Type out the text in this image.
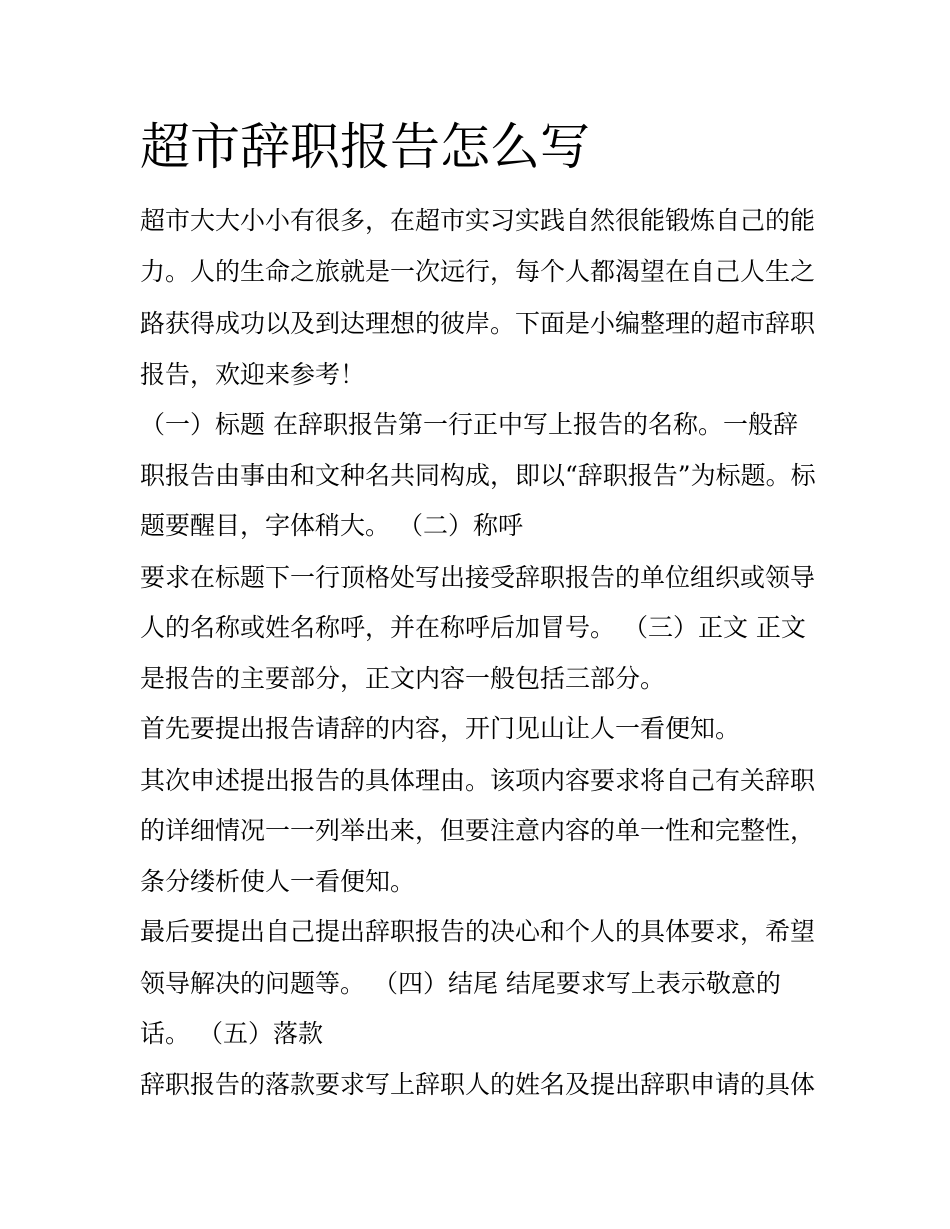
超市辞职报告怎么写

超市大大小小有很多，在超市实习实践自然很能锻炼自己的能

力。人的生命之旅就是一次远行，每个人都渴望在自己人生之

路获得成功以及到达理想的彼岸。下面是小编整理的超市辞职

报告，欢迎来参考！

（一）标题 在辞职报告第一行正中写上报告的名称。一般辞

职报告由事由和文种名共同构成，即以“辞职报告”为标题。标

题要醒目，字体稍大。 （二）称呼

要求在标题下一行顶格处写出接受辞职报告的单位组织或领导

人的名称或姓名称呼，并在称呼后加冒号。 （三）正文 正文

是报告的主要部分，正文内容一般包括三部分。

首先要提出报告请辞的内容，开门见山让人一看便知。

其次申述提出报告的具体理由。该项内容要求将自己有关辞职

的详细情况一一列举出来，但要注意内容的单一性和完整性，

条分缕析使人一看便知。

最后要提出自己提出辞职报告的决心和个人的具体要求，希望

领导解决的问题等。 （四）结尾 结尾要求写上表示敬意的

话。 （五）落款

辞职报告的落款要求写上辞职人的姓名及提出辞职申请的具体
